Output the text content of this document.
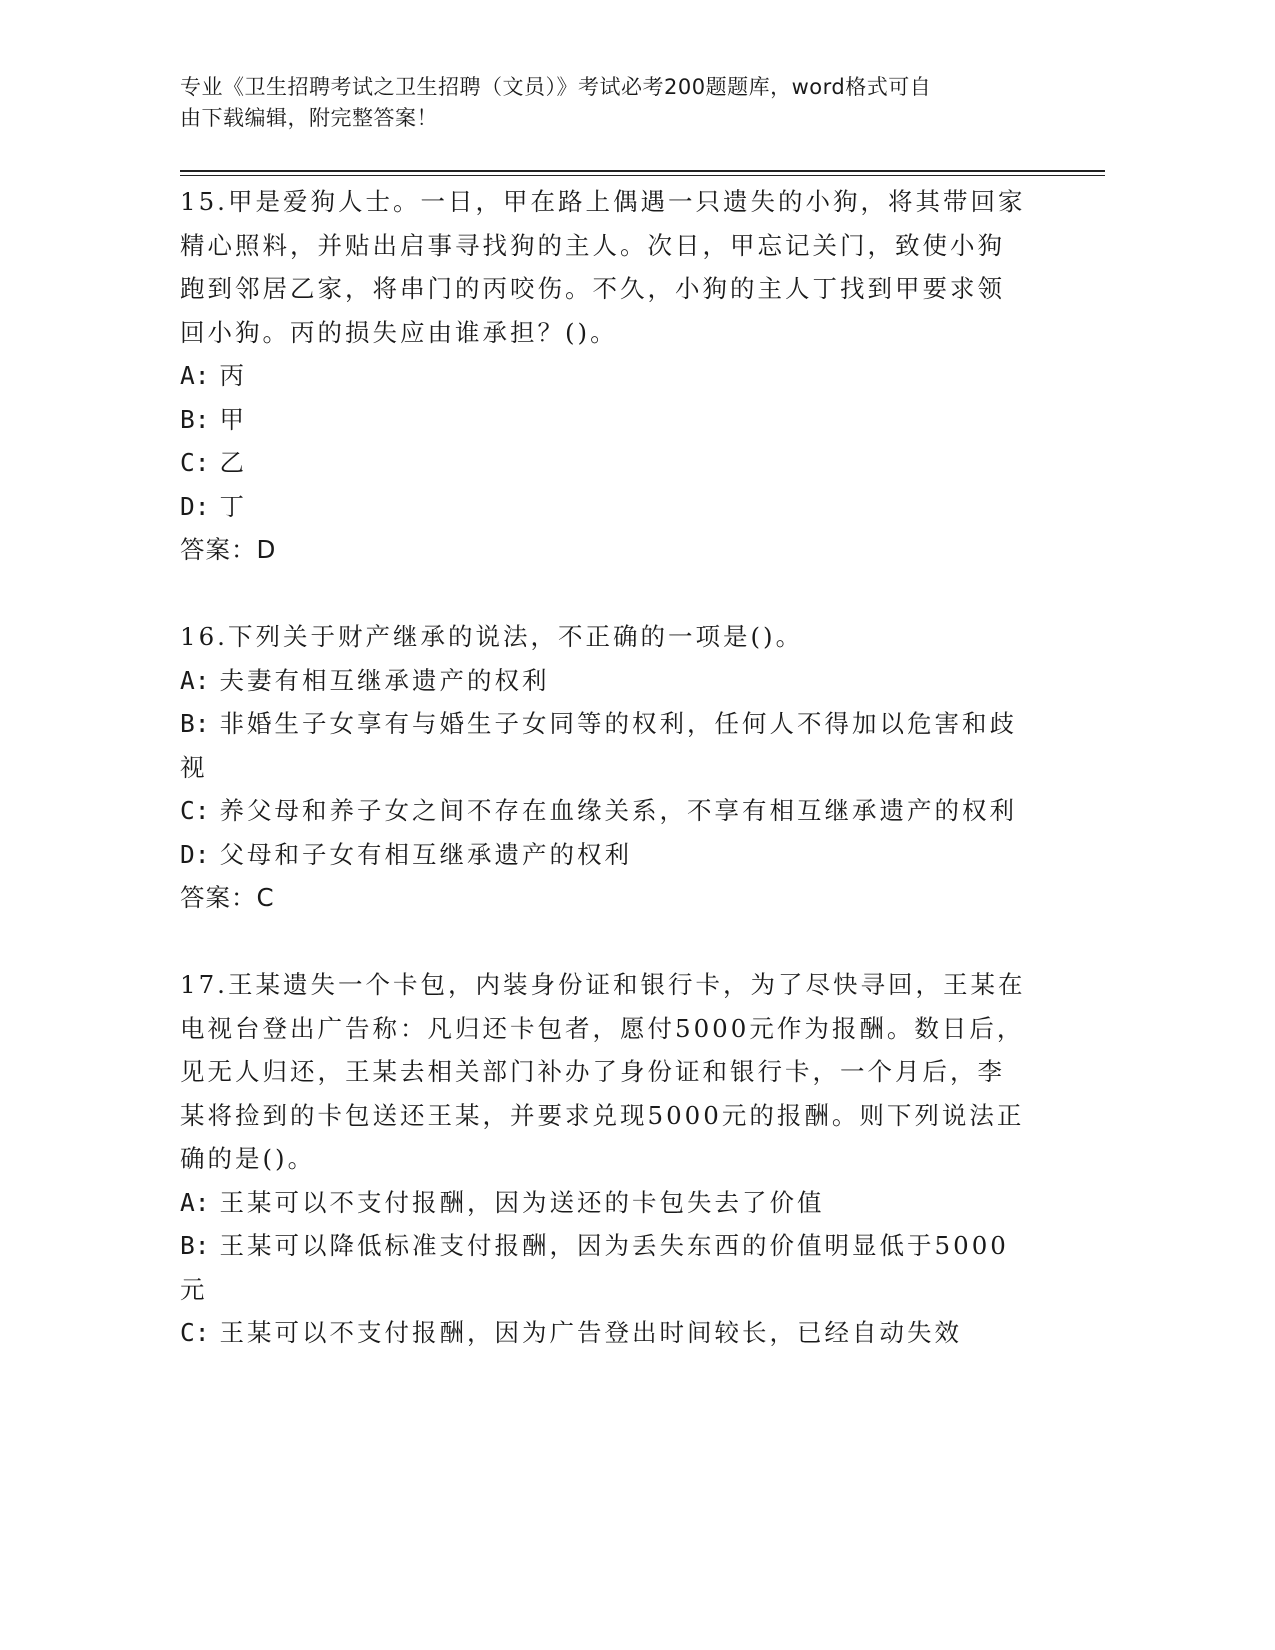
专业《卫生招聘考试之卫生招聘（文员）》考试必考200题题库，word格式可自
由下载编辑，附完整答案！

15.甲是爱狗人士。一日，甲在路上偶遇一只遗失的小狗，将其带回家

精心照料，并贴出启事寻找狗的主人。次日，甲忘记关门，致使小狗

跑到邻居乙家，将串门的丙咬伤。不久，小狗的主人丁找到甲要求领

回小狗。丙的损失应由谁承担？()。

A: 丙

B: 甲

C: 乙

D: 丁

答案：D

16.下列关于财产继承的说法，不正确的一项是()。

A: 夫妻有相互继承遗产的权利

B: 非婚生子女享有与婚生子女同等的权利，任何人不得加以危害和歧

视

C: 养父母和养子女之间不存在血缘关系，不享有相互继承遗产的权利

D: 父母和子女有相互继承遗产的权利

答案：C

17.王某遗失一个卡包，内装身份证和银行卡，为了尽快寻回，王某在

电视台登出广告称：凡归还卡包者，愿付5000元作为报酬。数日后，

见无人归还，王某去相关部门补办了身份证和银行卡，一个月后，李

某将捡到的卡包送还王某，并要求兑现5000元的报酬。则下列说法正

确的是()。

A: 王某可以不支付报酬，因为送还的卡包失去了价值

B: 王某可以降低标准支付报酬，因为丢失东西的价值明显低于5000

元

C: 王某可以不支付报酬，因为广告登出时间较长，已经自动失效
